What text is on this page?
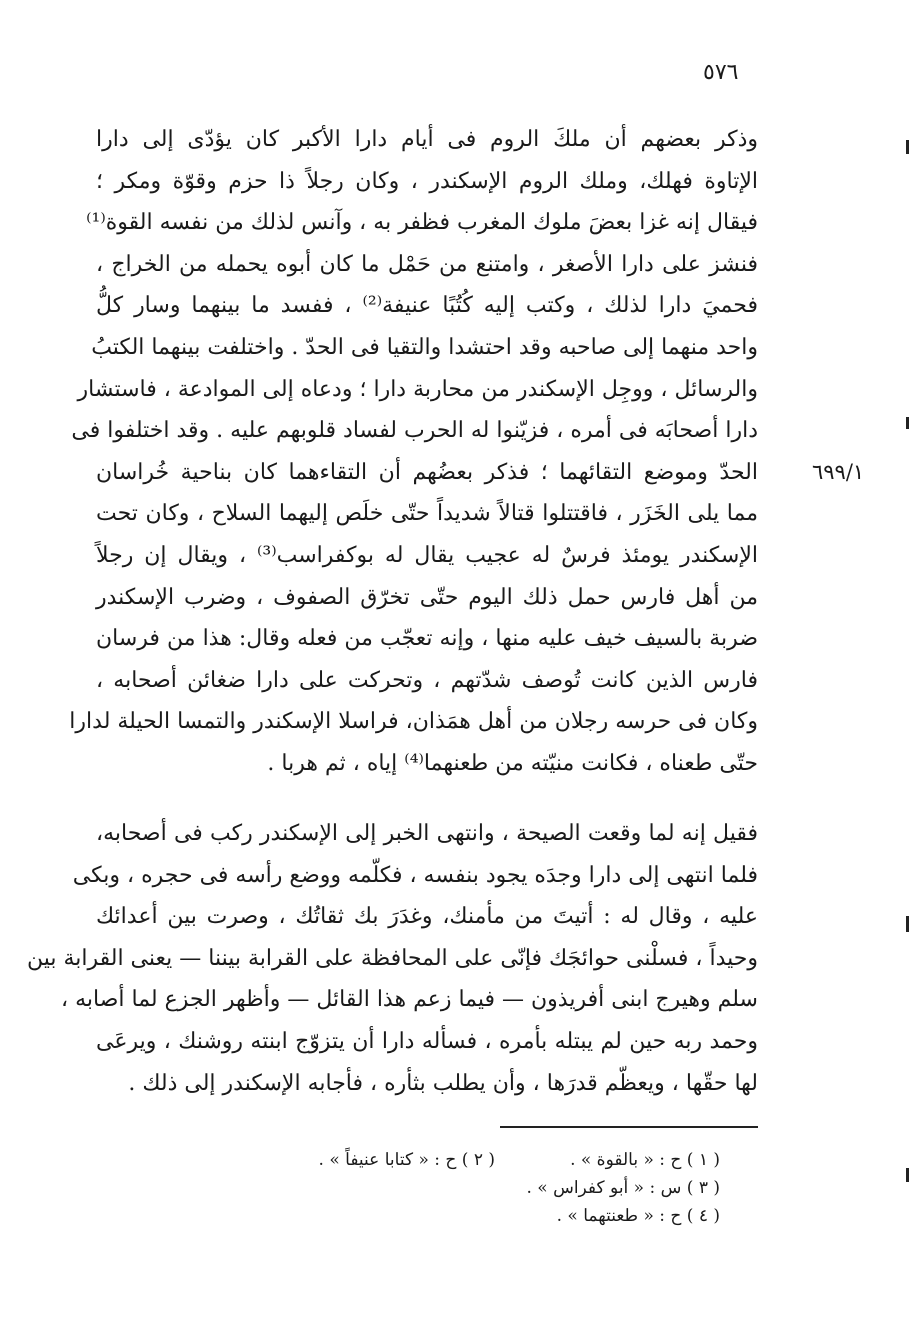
٥٧٦
وذكر بعضهم أن ملكَ الروم فى أيام دارا الأكبر كان يؤدّى إلى دارا
الإتاوة فهلك، وملك الروم الإسكندر ، وكان رجلاً ذا حزم وقوّة ومكر ؛
فيقال إنه غزا بعضَ ملوك المغرب فظفر به ، وآنس لذلك من نفسه القوة⁽¹⁾
فنشز على دارا الأصغر ، وامتنع من حَمْل ما كان أبوه يحمله من الخراج ،
فحميَ دارا لذلك ، وكتب إليه كُتُبًا عنيفة⁽²⁾ ، ففسد ما بينهما وسار كلُّ
واحد منهما إلى صاحبه وقد احتشدا والتقيا فى الحدّ . واختلفت بينهما الكتبُ
والرسائل ، ووجِل الإسكندر من محاربة دارا ؛ ودعاه إلى الموادعة ، فاستشار
دارا أصحابَه فى أمره ، فزيّنوا له الحرب لفساد قلوبهم عليه . وقد اختلفوا فى
الحدّ وموضع التقائهما ؛ فذكر بعضُهم أن التقاءهما كان بناحية خُراسان
مما يلى الخَزَر ، فاقتتلوا قتالاً شديداً حتّى خلَص إليهما السلاح ، وكان تحت
الإسكندر يومئذ فرسٌ له عجيب يقال له بوكفراسب⁽³⁾ ، ويقال إن رجلاً
من أهل فارس حمل ذلك اليوم حتّى تخرّق الصفوف ، وضرب الإسكندر
ضربة بالسيف خيف عليه منها ، وإنه تعجّب من فعله وقال: هذا من فرسان
فارس الذين كانت تُوصف شدّتهم ، وتحركت على دارا ضغائن أصحابه ،
وكان فى حرسه رجلان من أهل همَذان، فراسلا الإسكندر والتمسا الحيلة لدارا
حتّى طعناه ، فكانت منيّته من طعنهما⁽⁴⁾ إياه ، ثم هربا .
٦٩٩/١
فقيل إنه لما وقعت الصيحة ، وانتهى الخبر إلى الإسكندر ركب فى أصحابه،
فلما انتهى إلى دارا وجدَه يجود بنفسه ، فكلّمه ووضع رأسه فى حجره ، وبكى
عليه ، وقال له : أتيتَ من مأمنك، وغدَرَ بك ثقاتُك ، وصرت بين أعدائك
وحيداً ، فسلْنى حوائجَك فإنّى على المحافظة على القرابة بيننا — يعنى القرابة بين
سلم وهيرج ابنى أفريذون — فيما زعم هذا القائل — وأظهر الجزع لما أصابه ،
وحمد ربه حين لم يبتله بأمره ، فسأله دارا أن يتزوّج ابنته روشنك ، ويرعَى
لها حقّها ، ويعظّم قدرَها ، وأن يطلب بثأره ، فأجابه الإسكندر إلى ذلك .
( ١ ) ح : « بالقوة » .
( ٢ ) ح : « كتابا عنيفاً » .
( ٣ ) س : « أبو كفراس » .
( ٤ ) ح : « طعنتهما » .
